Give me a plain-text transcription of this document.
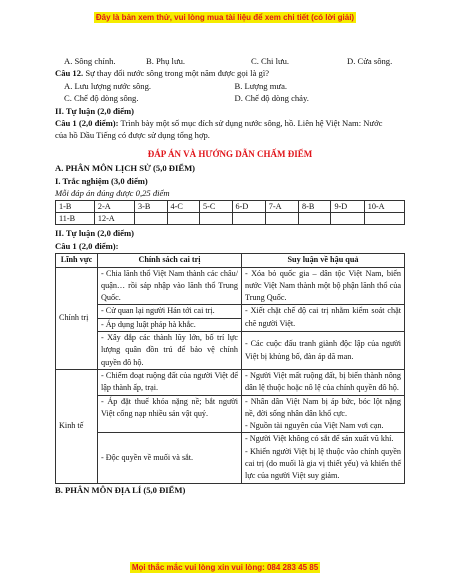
Đây là bản xem thử, vui lòng mua tài liệu để xem chi tiết (có lời giải)
A. Sông chính.	B. Phụ lưu.	C. Chi lưu.	D. Cửa sông.
Câu 12. Sự thay đổi nước sông trong một năm được gọi là gì?
A. Lưu lượng nước sông.	B. Lượng mưa.
C. Chế độ dòng sông.	D. Chế độ dòng chảy.
II. Tự luận (2,0 điểm)
Câu 1 (2,0 điểm): Trình bày một số mục đích sử dụng nước sông, hồ. Liên hệ Việt Nam: Nước
của hồ Dầu Tiếng có được sử dụng tổng hợp.
ĐÁP ÁN VÀ HƯỚNG DẪN CHẤM ĐIỂM
A. PHÂN MÔN LỊCH SỬ (5,0 ĐIỂM)
I. Trắc nghiệm (3,0 điểm)
Mỗi đáp án đúng được 0,25 điểm
1-B	2-A	3-B	4-C	5-C	6-D	7-A	8-B	9-D	10-A
11-B	12-A								
II. Tự luận (2,0 điểm)
Câu 1 (2,0 điểm):
Lĩnh vực	Chính sách cai trị	Suy luận về hậu quả
Chính trị	- Chia lãnh thổ Việt Nam thành các châu/ quận… rồi sáp nhập vào lãnh thổ Trung Quốc.	- Xóa bỏ quốc gia – dân tộc Việt Nam, biến nước Việt Nam thành một bộ phận lãnh thổ của Trung Quốc.
	- Cử quan lại người Hán tới cai trị.	- Xiết chặt chế độ cai trị nhằm kiểm soát chặt chẽ người Việt.
	- Áp dụng luật pháp hà khắc.	
	- Xây đắp các thành lũy lớn, bố trí lực lượng quân đồn trú để bảo vệ chính quyền đô hộ.	- Các cuộc đấu tranh giành độc lập của người Việt bị khủng bố, đàn áp dã man.
Kinh tế	- Chiếm đoạt ruộng đất của người Việt để lập thành ấp, trại.	- Người Việt mất ruộng đất, bị biến thành nông dân lệ thuộc hoặc nô lệ của chính quyền đô hộ.
	- Áp đặt thuế khóa nặng nề; bắt người Việt cống nạp nhiều sản vật quý.	- Nhân dân Việt Nam bị áp bức, bóc lột nặng nề, đời sống nhân dân khổ cực.
- Nguồn tài nguyên của Việt Nam vơi cạn.
	- Độc quyền về muối và sắt.	- Người Việt không có sắt để sản xuất vũ khí.
- Khiến người Việt bị lệ thuộc vào chính quyền cai trị (do muối là gia vị thiết yếu) và khiến thế lực của người Việt suy giảm.
B. PHÂN MÔN ĐỊA LÍ (5,0 ĐIỂM)
Mọi thắc mắc vui lòng xin vui lòng: 084 283 45 85
